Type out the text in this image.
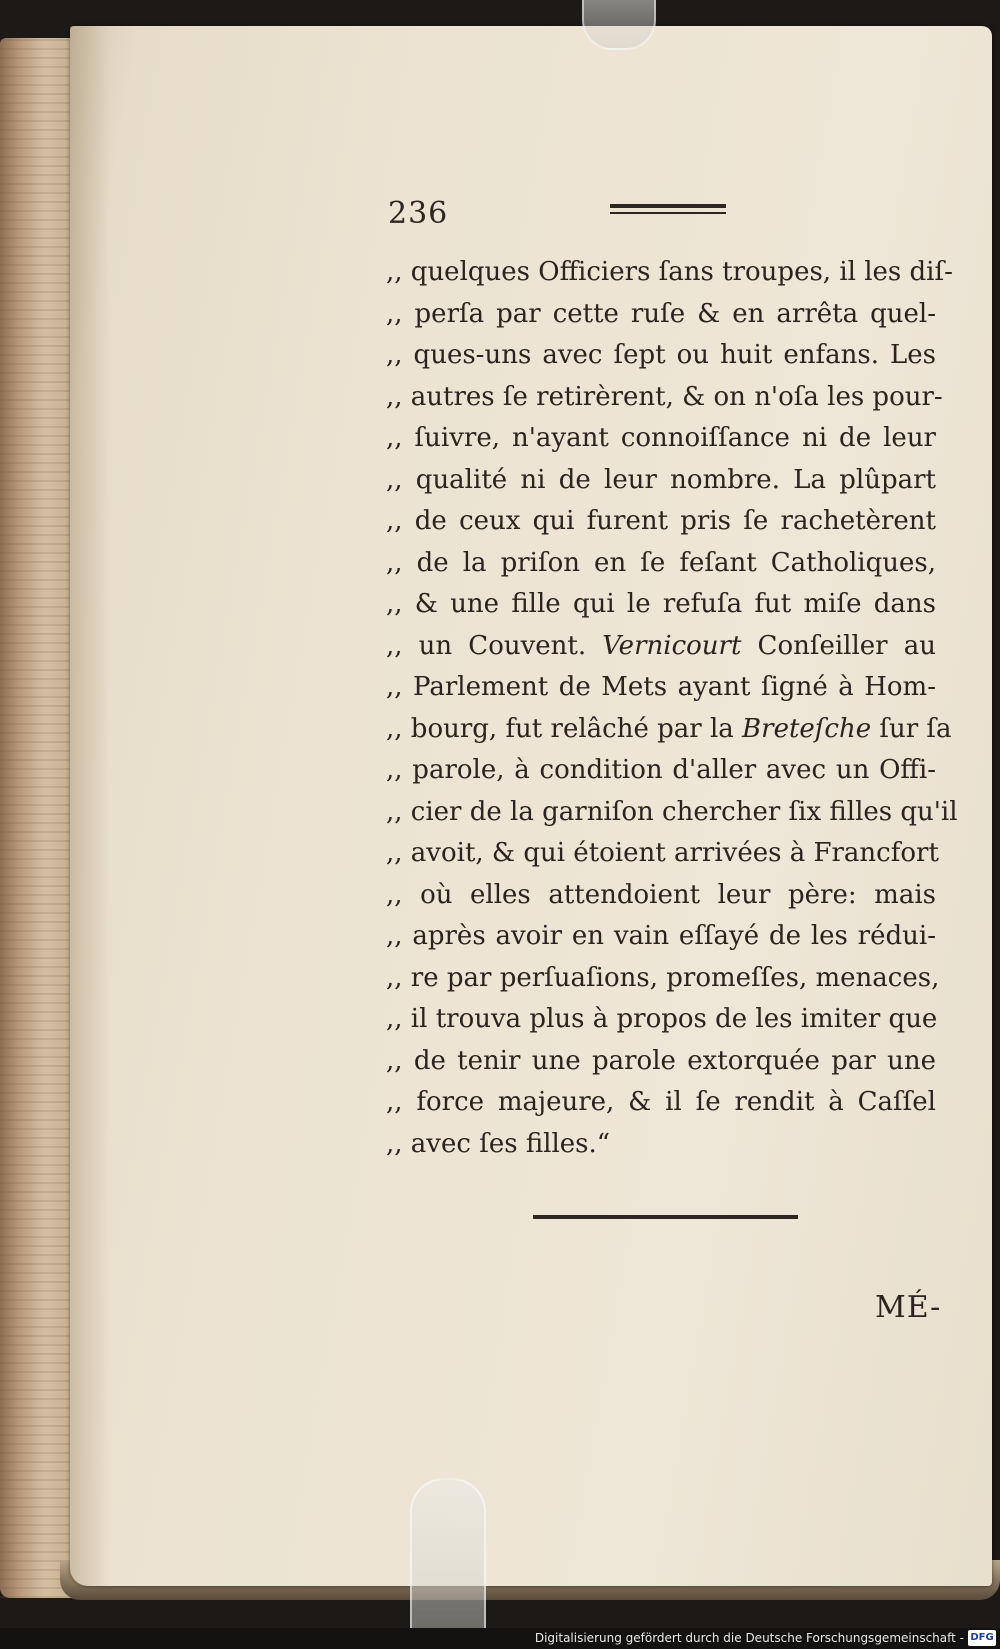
236
,, quelques Officiers ſans troupes, il les diſ-
,, perſa par cette ruſe & en arrêta quel-
,, ques-uns avec ſept ou huit enfans. Les
,, autres ſe retirèrent, & on n'oſa les pour-
,, ſuivre, n'ayant connoiſſance ni de leur
,, qualité ni de leur nombre. La plûpart
,, de ceux qui furent pris ſe rachetèrent
,, de la priſon en ſe feſant Catholiques,
,, & une fille qui le refuſa fut miſe dans
,, un Couvent. Vernicourt Conſeiller au
,, Parlement de Mets ayant ſigné à Hom-
,, bourg, fut relâché par la Breteſche ſur ſa
,, parole, à condition d'aller avec un Offi-
,, cier de la garniſon chercher ſix filles qu'il
,, avoit, & qui étoient arrivées à Francfort
,, où elles attendoient leur père: mais
,, après avoir en vain eſſayé de les rédui-
,, re par perſuaſions, promeſſes, menaces,
,, il trouva plus à propos de les imiter que
,, de tenir une parole extorquée par une
,, force majeure, & il ſe rendit à Caſſel
,, avec ſes filles.“
MÉ-
Digitalisierung gefördert durch die Deutsche Forschungsgemeinschaft - DFG
